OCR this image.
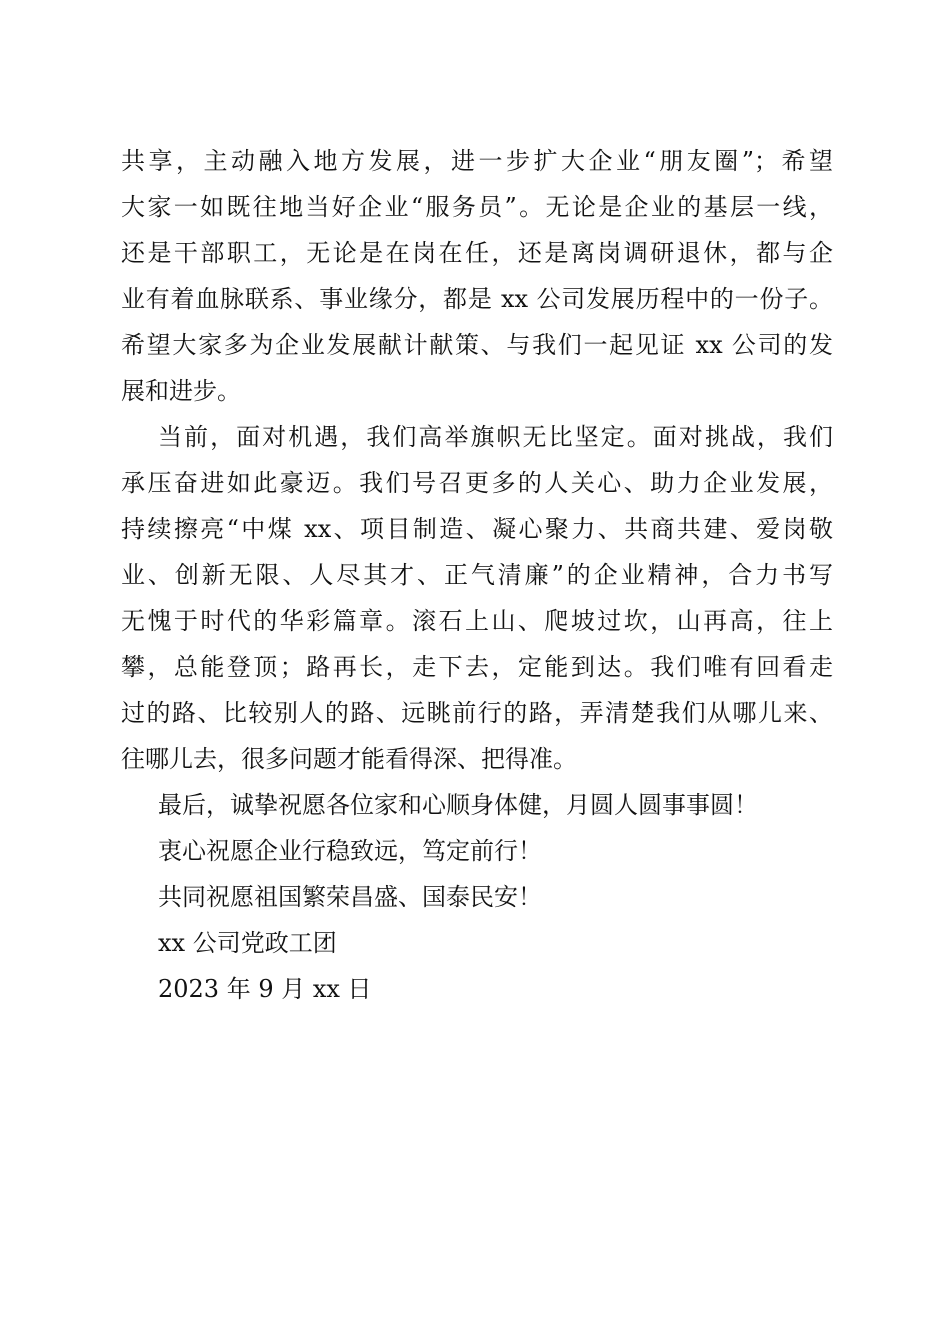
共享，主动融入地方发展，进一步扩大企业“朋友圈”；希望
大家一如既往地当好企业“服务员”。无论是企业的基层一线，
还是干部职工，无论是在岗在任，还是离岗调研退休，都与企
业有着血脉联系、事业缘分，都是 xx 公司发展历程中的一份子。
希望大家多为企业发展献计献策、与我们一起见证 xx 公司的发
展和进步。
当前，面对机遇，我们高举旗帜无比坚定。面对挑战，我们
承压奋进如此豪迈。我们号召更多的人关心、助力企业发展，
持续擦亮“中煤 xx、项目制造、凝心聚力、共商共建、爱岗敬
业、创新无限、人尽其才、正气清廉”的企业精神，合力书写
无愧于时代的华彩篇章。滚石上山、爬坡过坎，山再高，往上
攀，总能登顶；路再长，走下去，定能到达。我们唯有回看走
过的路、比较别人的路、远眺前行的路，弄清楚我们从哪儿来、
往哪儿去，很多问题才能看得深、把得准。
最后，诚挚祝愿各位家和心顺身体健，月圆人圆事事圆！
衷心祝愿企业行稳致远，笃定前行！
共同祝愿祖国繁荣昌盛、国泰民安！
xx 公司党政工团
2023 年 9 月 xx 日
